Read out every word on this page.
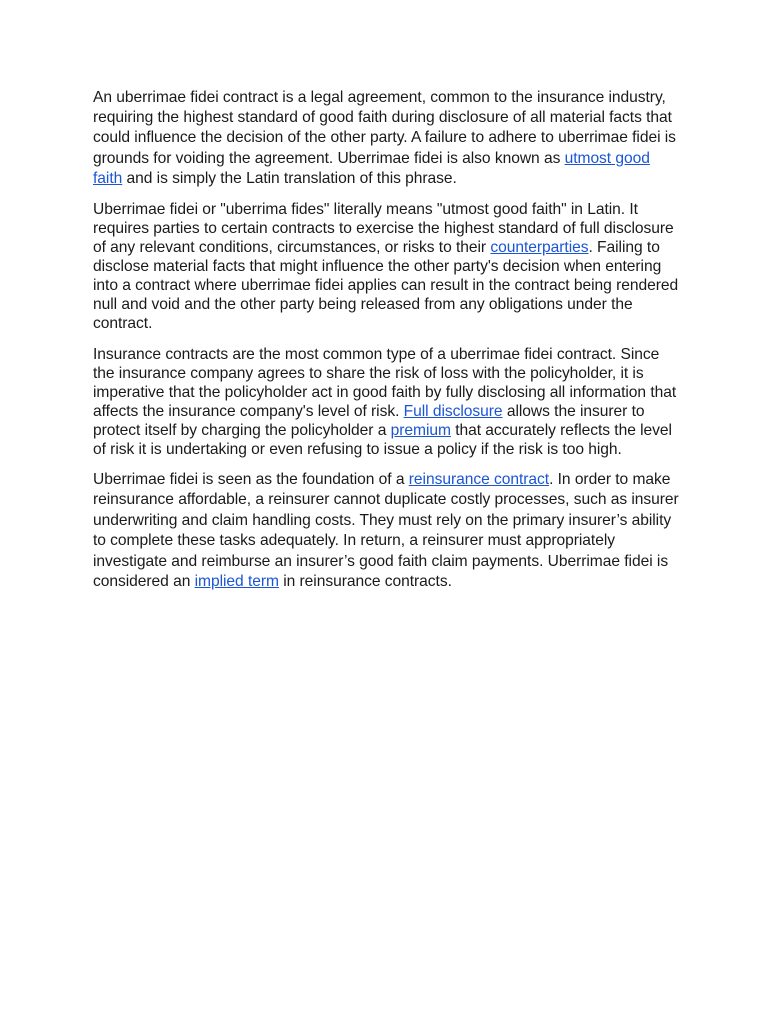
An uberrimae fidei contract is a legal agreement, common to the insurance industry, requiring the highest standard of good faith during disclosure of all material facts that could influence the decision of the other party. A failure to adhere to uberrimae fidei is grounds for voiding the agreement. Uberrimae fidei is also known as utmost good faith and is simply the Latin translation of this phrase.

Uberrimae fidei or "uberrima fides" literally means "utmost good faith" in Latin. It requires parties to certain contracts to exercise the highest standard of full disclosure of any relevant conditions, circumstances, or risks to their counterparties. Failing to disclose material facts that might influence the other party's decision when entering into a contract where uberrimae fidei applies can result in the contract being rendered null and void and the other party being released from any obligations under the contract.

Insurance contracts are the most common type of a uberrimae fidei contract. Since the insurance company agrees to share the risk of loss with the policyholder, it is imperative that the policyholder act in good faith by fully disclosing all information that affects the insurance company's level of risk. Full disclosure allows the insurer to protect itself by charging the policyholder a premium that accurately reflects the level of risk it is undertaking or even refusing to issue a policy if the risk is too high.

Uberrimae fidei is seen as the foundation of a reinsurance contract. In order to make reinsurance affordable, a reinsurer cannot duplicate costly processes, such as insurer underwriting and claim handling costs. They must rely on the primary insurer’s ability to complete these tasks adequately. In return, a reinsurer must appropriately investigate and reimburse an insurer’s good faith claim payments. Uberrimae fidei is considered an implied term in reinsurance contracts.
